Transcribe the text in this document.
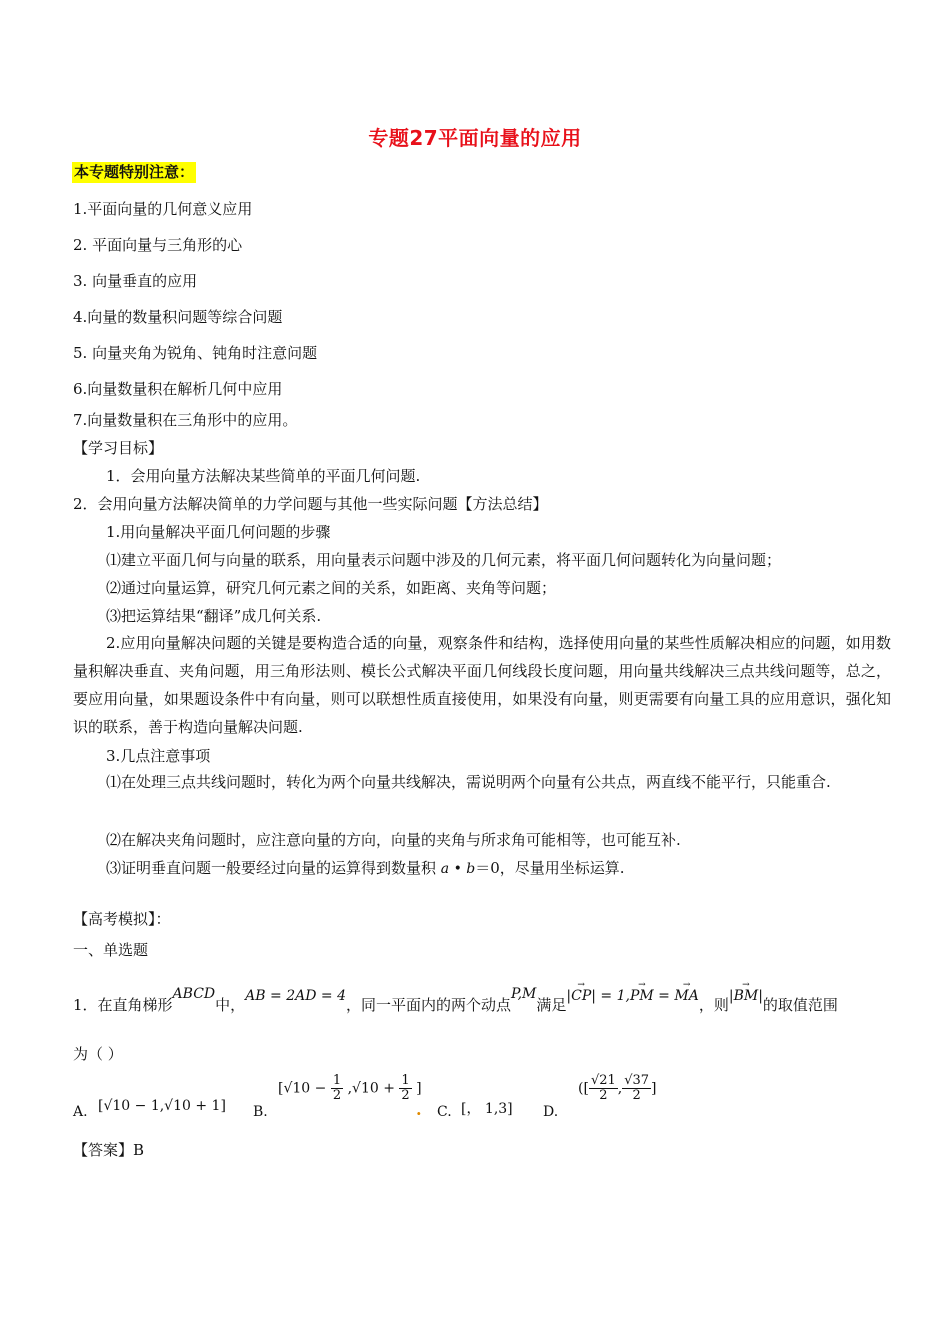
专题27平面向量的应用
本专题特别注意：
1.平面向量的几何意义应用
2. 平面向量与三角形的心
3. 向量垂直的应用
4.向量的数量积问题等综合问题
5. 向量夹角为锐角、钝角时注意问题
6.向量数量积在解析几何中应用
7.向量数量积在三角形中的应用。
【学习目标】
1．会用向量方法解决某些简单的平面几何问题.
2．会用向量方法解决简单的力学问题与其他一些实际问题【方法总结】
1.用向量解决平面几何问题的步骤
⑴建立平面几何与向量的联系，用向量表示问题中涉及的几何元素，将平面几何问题转化为向量问题；
⑵通过向量运算，研究几何元素之间的关系，如距离、夹角等问题；
⑶把运算结果“翻译”成几何关系.
2.应用向量解决问题的关键是要构造合适的向量，观察条件和结构，选择使用向量的某些性质解决相应的问题，如用数量积解决垂直、夹角问题，用三角形法则、模长公式解决平面几何线段长度问题，用向量共线解决三点共线问题等，总之，要应用向量，如果题设条件中有向量，则可以联想性质直接使用，如果没有向量，则更需要有向量工具的应用意识，强化知识的联系，善于构造向量解决问题.
3.几点注意事项
⑴在处理三点共线问题时，转化为两个向量共线解决，需说明两个向量有公共点，两直线不能平行，只能重合.
⑵在解决夹角问题时，应注意向量的方向，向量的夹角与所求角可能相等，也可能互补.
⑶证明垂直问题一般要经过向量的运算得到数量积 a • b＝0，尽量用坐标运算.
【高考模拟】：
一、单选题
1．在直角梯形ABCD中，AB = 2AD = 4，同一平面内的两个动点P,M满足|→ CP| = 1,→ PM = → MA，则|→ BM|的取值范围
为（ ）
A. [√10 − 1,√10 + 1] B.
[$√10 - \frac{1}{2} ,√10 + \frac{1}{2}$ ]
. C. [， 1,3] D.
([ $\frac{√21}{2}$ , $\frac{√37}{2}$ ]
【答案】B
